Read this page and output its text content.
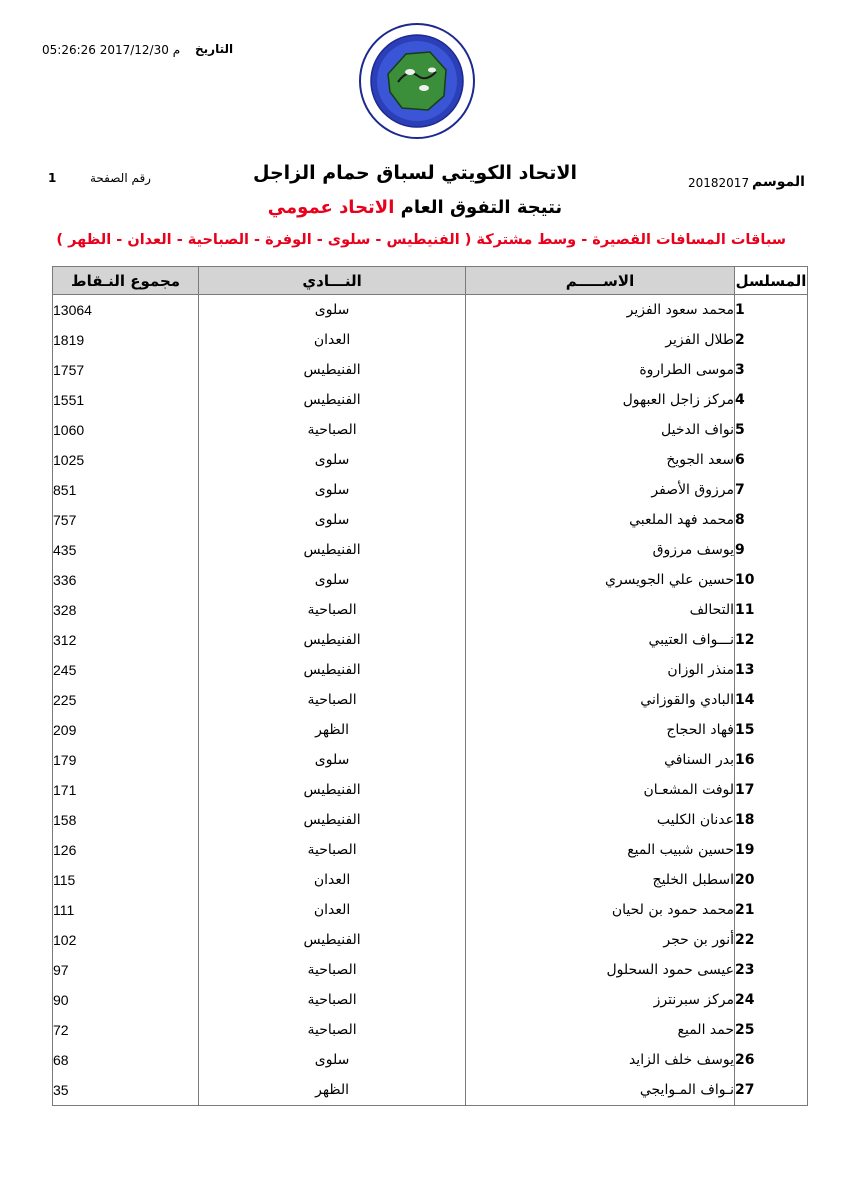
التاريخ
05:26:26 2017/12/30 م
الاتحاد الكويتي لسباق حمام الزاجل	الموسم
20182017
رقم الصفحة
1
نتيجة التفوق العام الاتحاد عمومي
سباقات المسافات القصيرة - وسط مشتركة ( الفنيطيس - سلوى - الوفرة - الصباحية - العدان - الظهر )
المسلسل	الاســـــم	النـــادي	مجموع النـقاط
1	محمد سعود الفزير	سلوى	13064
2	طلال الفزير	العدان	1819
3	موسى الطراروة	الفنيطيس	1757
4	مركز زاجل العبهول	الفنيطيس	1551
5	نواف الدخيل	الصباحية	1060
6	سعد الجويخ	سلوى	1025
7	مرزوق الأصفر	سلوى	851
8	محمد فهد الملعبي	سلوى	757
9	يوسف مرزوق	الفنيطيس	435
10	حسين علي الجويسري	سلوى	336
11	التحالف	الصباحية	328
12	نـــواف العتيبي	الفنيطيس	312
13	منذر الوزان	الفنيطيس	245
14	البادي والقوزاني	الصباحية	225
15	فهاد الحجاج	الظهر	209
16	بدر السنافي	سلوى	179
17	لوفت المشعـان	الفنيطيس	171
18	عدنان الكليب	الفنيطيس	158
19	حسين شبيب الميع	الصباحية	126
20	اسطبل الخليج	العدان	115
21	محمد حمود بن لحيان	العدان	111
22	أنور بن حجر	الفنيطيس	102
23	عيسى حمود السحلول	الصباحية	97
24	مركز سبرنترز	الصباحية	90
25	حمد الميع	الصباحية	72
26	يوسف خلف الزايد	سلوى	68
27	نـواف المـوايجي	الظهر	35
